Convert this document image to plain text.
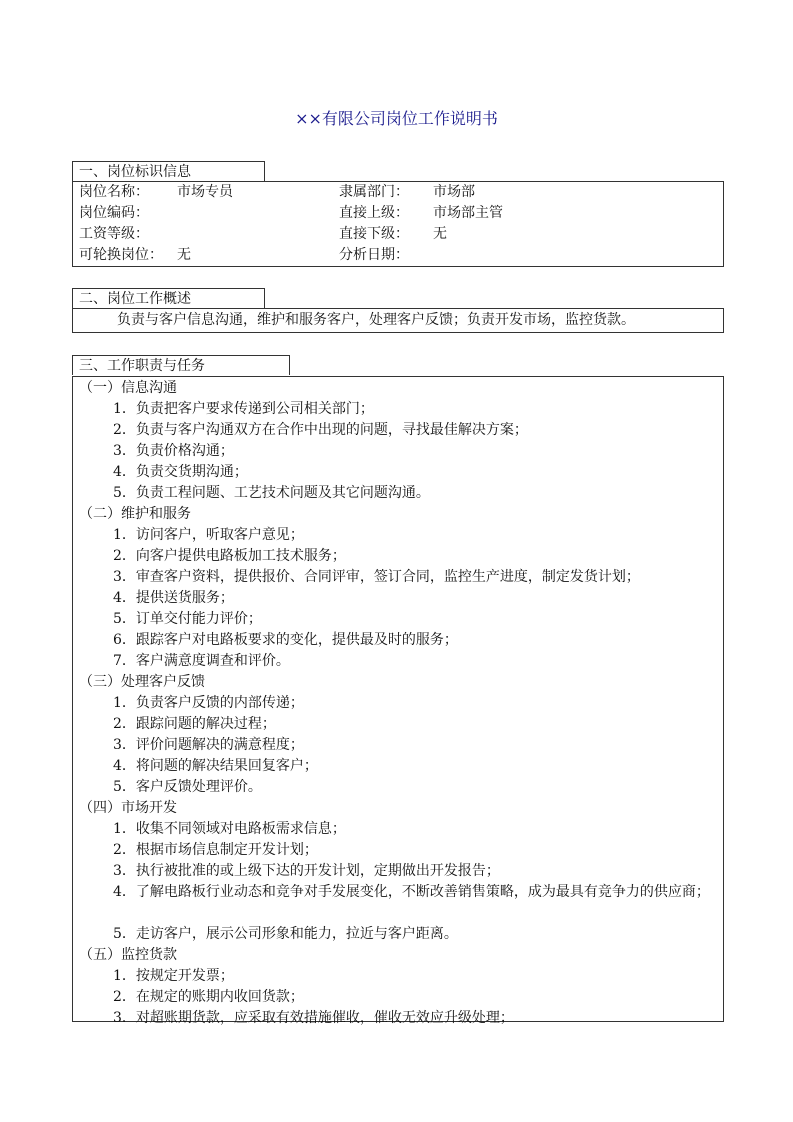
××有限公司岗位工作说明书
一、岗位标识信息
岗位名称： 市场专员	隶属部门： 市场部
岗位编码：	直接上级： 市场部主管
工资等级：	直接下级： 无
可轮换岗位： 无	分析日期：
二、岗位工作概述
负责与客户信息沟通，维护和服务客户，处理客户反馈；负责开发市场，监控货款。
三、工作职责与任务
（一）信息沟通
1．负责把客户要求传递到公司相关部门；
2．负责与客户沟通双方在合作中出现的问题，寻找最佳解决方案；
3．负责价格沟通；
4．负责交货期沟通；
5．负责工程问题、工艺技术问题及其它问题沟通。
（二）维护和服务
1．访问客户，听取客户意见；
2．向客户提供电路板加工技术服务；
3．审查客户资料，提供报价、合同评审，签订合同，监控生产进度，制定发货计划；
4．提供送货服务；
5．订单交付能力评价；
6．跟踪客户对电路板要求的变化，提供最及时的服务；
7．客户满意度调查和评价。
（三）处理客户反馈
1．负责客户反馈的内部传递；
2．跟踪问题的解决过程；
3．评价问题解决的满意程度；
4．将问题的解决结果回复客户；
5．客户反馈处理评价。
（四）市场开发
1．收集不同领域对电路板需求信息；
2．根据市场信息制定开发计划；
3．执行被批准的或上级下达的开发计划，定期做出开发报告；
4．了解电路板行业动态和竞争对手发展变化，不断改善销售策略，成为最具有竞争力的供应商；
5．走访客户，展示公司形象和能力，拉近与客户距离。
（五）监控货款
1．按规定开发票；
2．在规定的账期内收回货款；
3．对超账期货款，应采取有效措施催收，催收无效应升级处理；
